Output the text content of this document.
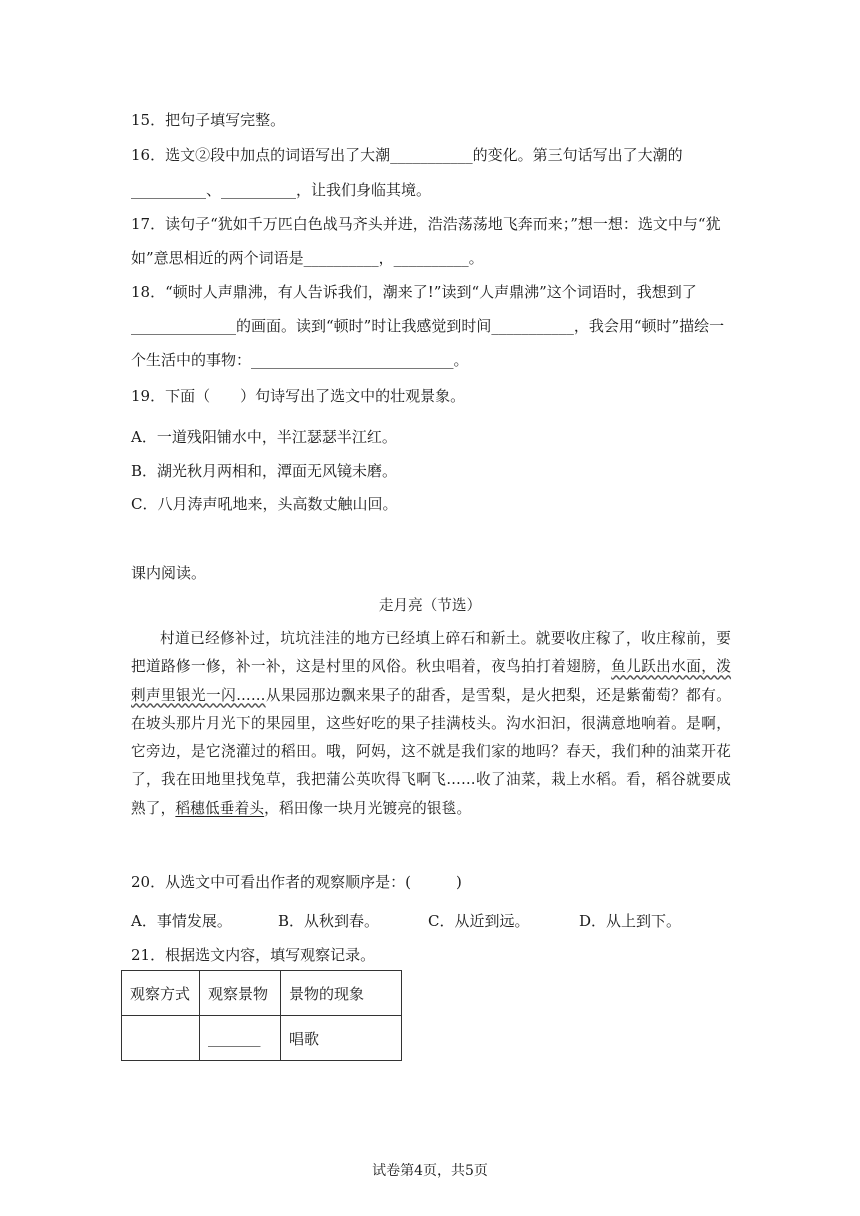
15．把句子填写完整。
16．选文②段中加点的词语写出了大潮___________的变化。第三句话写出了大潮的
__________、__________，让我们身临其境。
17．读句子“犹如千万匹白色战马齐头并进，浩浩荡荡地飞奔而来；”想一想：选文中与“犹
如”意思相近的两个词语是__________，__________。
18．“顿时人声鼎沸，有人告诉我们，潮来了!”读到“人声鼎沸”这个词语时，我想到了
______________的画面。读到“顿时”时让我感觉到时间___________，我会用“顿时”描绘一
个生活中的事物：___________________________。
19．下面（　　）句诗写出了选文中的壮观景象。
A．一道残阳铺水中，半江瑟瑟半江红。
B．湖光秋月两相和，潭面无风镜未磨。
C．八月涛声吼地来，头高数丈触山回。
课内阅读。
走月亮（节选）

村道已经修补过，坑坑洼洼的地方已经填上碎石和新土。就要收庄稼了，收庄稼前，要把道路修一修，补一补，这是村里的风俗。秋虫唱着，夜鸟拍打着翅膀，鱼儿跃出水面，泼剌声里银光一闪……从果园那边飘来果子的甜香，是雪梨，是火把梨，还是紫葡萄？都有。在坡头那片月光下的果园里，这些好吃的果子挂满枝头。沟水汩汩，很满意地响着。是啊，它旁边，是它浇灌过的稻田。哦，阿妈，这不就是我们家的地吗？春天，我们种的油菜开花了，我在田地里找兔草，我把蒲公英吹得飞啊飞……收了油菜，栽上水稻。看，稻谷就要成熟了，稻穗低垂着头，稻田像一块月光镀亮的银毯。

20．从选文中可看出作者的观察顺序是：(　　　)
A．事情发展。	B．从秋到春。	C．从近到远。	D．从上到下。
21．根据选文内容，填写观察记录。
观察方式	观察景物	景物的现象
	_______	唱歌
试卷第4页，共5页
